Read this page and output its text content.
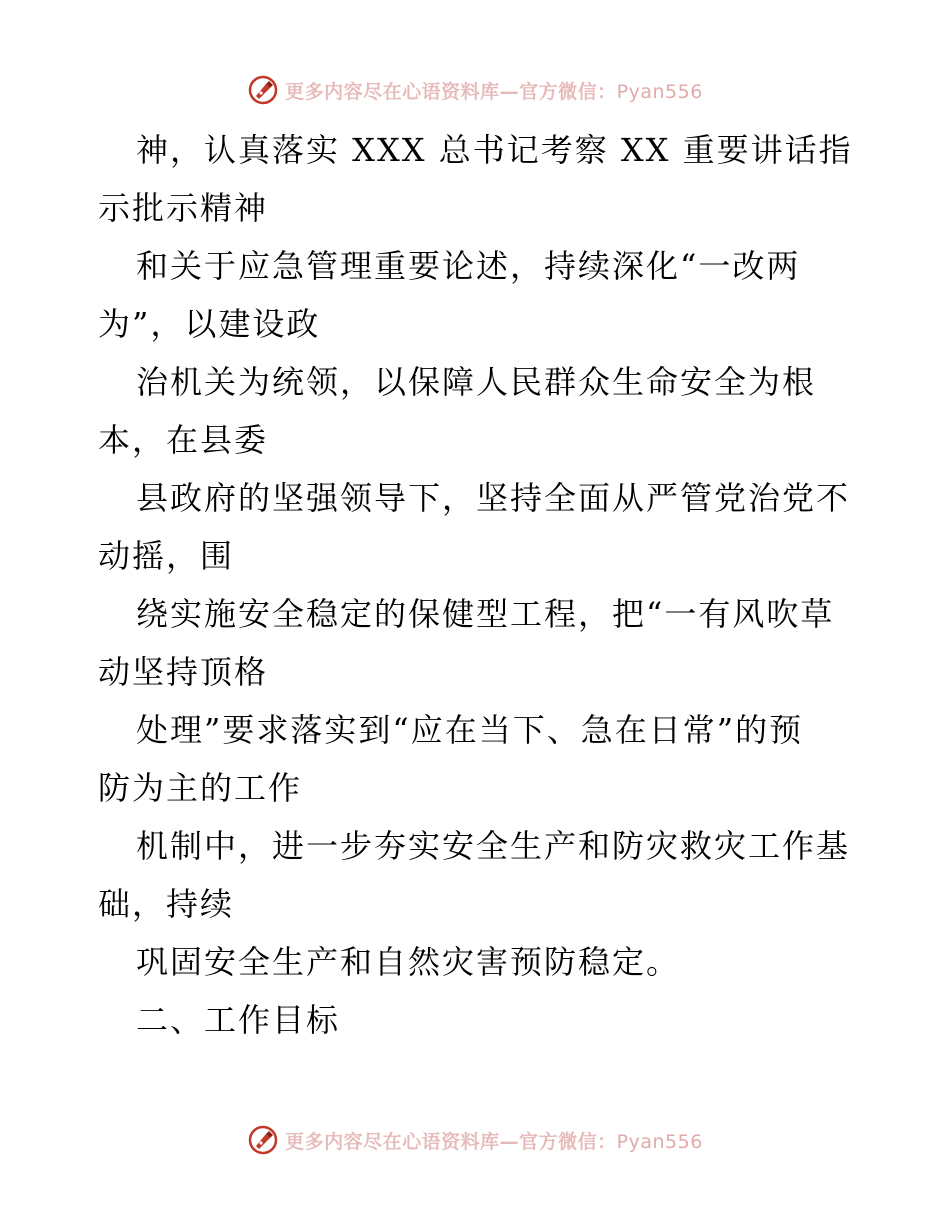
更多内容尽在心语资料库—官方微信：Pyan556
神，认真落实 XXX 总书记考察 XX 重要讲话指
示批示精神
和关于应急管理重要论述，持续深化“一改两
为”，以建设政
治机关为统领，以保障人民群众生命安全为根
本，在县委
县政府的坚强领导下，坚持全面从严管党治党不
动摇，围
绕实施安全稳定的保健型工程，把“一有风吹草
动坚持顶格
处理”要求落实到“应在当下、急在日常”的预
防为主的工作
机制中，进一步夯实安全生产和防灾救灾工作基
础，持续
巩固安全生产和自然灾害预防稳定。
二、工作目标
更多内容尽在心语资料库—官方微信：Pyan556
